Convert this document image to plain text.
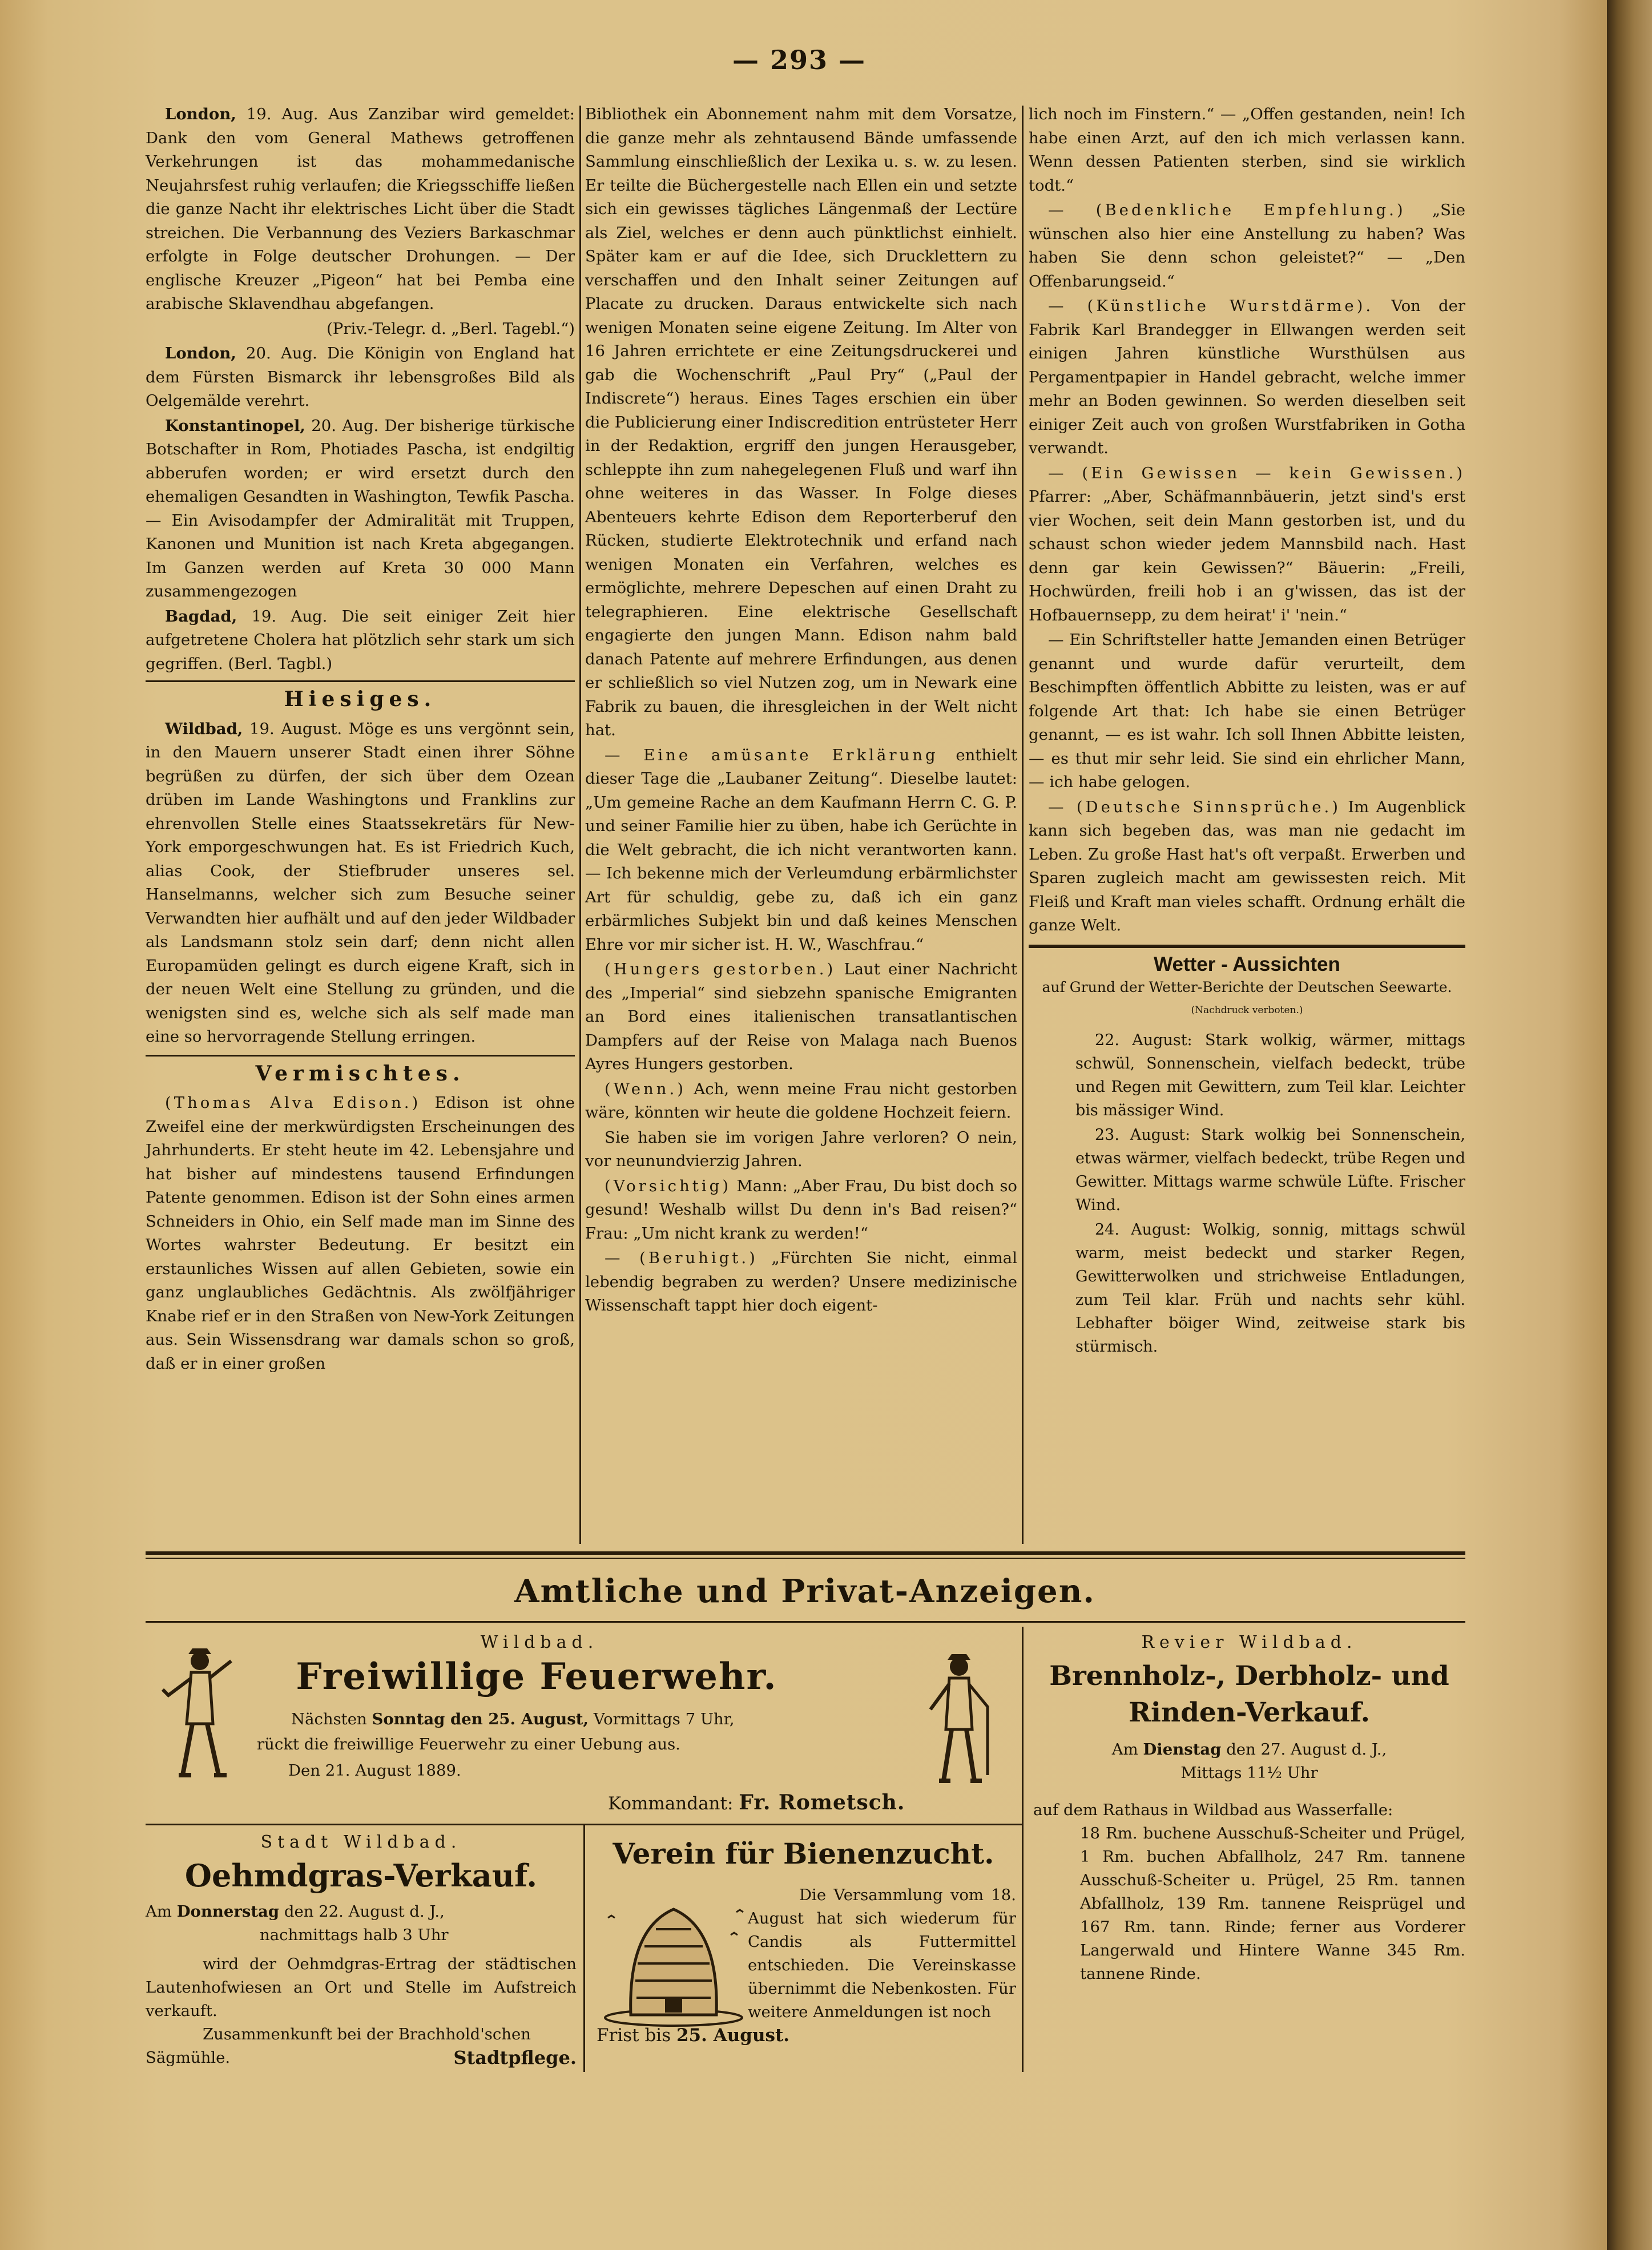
— 293 —

London, 19. Aug. Aus Zanzibar wird gemeldet: Dank den vom General Mathews getroffenen Verkehrungen ist das mohammedanische Neujahrsfest ruhig verlaufen; die Kriegsschiffe ließen die ganze Nacht ihr elektrisches Licht über die Stadt streichen. Die Verbannung des Veziers Barkaschmar erfolgte in Folge deutscher Drohungen. — Der englische Kreuzer „Pigeon“ hat bei Pemba eine arabische Sklavendhau abgefangen.

(Priv.-Telegr. d. „Berl. Tagebl.“)

London, 20. Aug. Die Königin von England hat dem Fürsten Bismarck ihr lebensgroßes Bild als Oelgemälde verehrt.

Konstantinopel, 20. Aug. Der bisherige türkische Botschafter in Rom, Photiades Pascha, ist endgiltig abberufen worden; er wird ersetzt durch den ehemaligen Gesandten in Washington, Tewfik Pascha. — Ein Avisodampfer der Admiralität mit Truppen, Kanonen und Munition ist nach Kreta abgegangen. Im Ganzen werden auf Kreta 30 000 Mann zusammengezogen

Bagdad, 19. Aug. Die seit einiger Zeit hier aufgetretene Cholera hat plötzlich sehr stark um sich gegriffen. (Berl. Tagbl.)

Hiesiges.

Wildbad, 19. August. Möge es uns vergönnt sein, in den Mauern unserer Stadt einen ihrer Söhne begrüßen zu dürfen, der sich über dem Ozean drüben im Lande Washingtons und Franklins zur ehrenvollen Stelle eines Staatssekretärs für New-York emporgeschwungen hat. Es ist Friedrich Kuch, alias Cook, der Stiefbruder unseres sel. Hanselmanns, welcher sich zum Besuche seiner Verwandten hier aufhält und auf den jeder Wildbader als Landsmann stolz sein darf; denn nicht allen Europamüden gelingt es durch eigene Kraft, sich in der neuen Welt eine Stellung zu gründen, und die wenigsten sind es, welche sich als self made man eine so hervorragende Stellung erringen.

Vermischtes.

(Thomas Alva Edison.) Edison ist ohne Zweifel eine der merkwürdigsten Erscheinungen des Jahrhunderts. Er steht heute im 42. Lebensjahre und hat bisher auf mindestens tausend Erfindungen Patente genommen. Edison ist der Sohn eines armen Schneiders in Ohio, ein Self made man im Sinne des Wortes wahrster Bedeutung. Er besitzt ein erstaunliches Wissen auf allen Gebieten, sowie ein ganz unglaubliches Gedächtnis. Als zwölfjähriger Knabe rief er in den Straßen von New-York Zeitungen aus. Sein Wissensdrang war damals schon so groß, daß er in einer großen

Bibliothek ein Abonnement nahm mit dem Vorsatze, die ganze mehr als zehntausend Bände umfassende Sammlung einschließlich der Lexika u. s. w. zu lesen. Er teilte die Büchergestelle nach Ellen ein und setzte sich ein gewisses tägliches Längenmaß der Lectüre als Ziel, welches er denn auch pünktlichst einhielt. Später kam er auf die Idee, sich Drucklettern zu verschaffen und den Inhalt seiner Zeitungen auf Placate zu drucken. Daraus entwickelte sich nach wenigen Monaten seine eigene Zeitung. Im Alter von 16 Jahren errichtete er eine Zeitungsdruckerei und gab die Wochenschrift „Paul Pry“ („Paul der Indiscrete“) heraus. Eines Tages erschien ein über die Publicierung einer Indiscredition entrüsteter Herr in der Redaktion, ergriff den jungen Herausgeber, schleppte ihn zum nahegelegenen Fluß und warf ihn ohne weiteres in das Wasser. In Folge dieses Abenteuers kehrte Edison dem Reporterberuf den Rücken, studierte Elektrotechnik und erfand nach wenigen Monaten ein Verfahren, welches es ermöglichte, mehrere Depeschen auf einen Draht zu telegraphieren. Eine elektrische Gesellschaft engagierte den jungen Mann. Edison nahm bald danach Patente auf mehrere Erfindungen, aus denen er schließlich so viel Nutzen zog, um in Newark eine Fabrik zu bauen, die ihresgleichen in der Welt nicht hat.

— Eine amüsante Erklärung enthielt dieser Tage die „Laubaner Zeitung“. Dieselbe lautet: „Um gemeine Rache an dem Kaufmann Herrn C. G. P. und seiner Familie hier zu üben, habe ich Gerüchte in die Welt gebracht, die ich nicht verantworten kann. — Ich bekenne mich der Verleumdung erbärmlichster Art für schuldig, gebe zu, daß ich ein ganz erbärmliches Subjekt bin und daß keines Menschen Ehre vor mir sicher ist. H. W., Waschfrau.“

(Hungers gestorben.) Laut einer Nachricht des „Imperial“ sind siebzehn spanische Emigranten an Bord eines italienischen transatlantischen Dampfers auf der Reise von Malaga nach Buenos Ayres Hungers gestorben.

(Wenn.) Ach, wenn meine Frau nicht gestorben wäre, könnten wir heute die goldene Hochzeit feiern.

Sie haben sie im vorigen Jahre verloren? O nein, vor neunundvierzig Jahren.

(Vorsichtig) Mann: „Aber Frau, Du bist doch so gesund! Weshalb willst Du denn in's Bad reisen?“ Frau: „Um nicht krank zu werden!“

— (Beruhigt.) „Fürchten Sie nicht, einmal lebendig begraben zu werden? Unsere medizinische Wissenschaft tappt hier doch eigent-

lich noch im Finstern.“ — „Offen gestanden, nein! Ich habe einen Arzt, auf den ich mich verlassen kann. Wenn dessen Patienten sterben, sind sie wirklich todt.“

— (Bedenkliche Empfehlung.) „Sie wünschen also hier eine Anstellung zu haben? Was haben Sie denn schon geleistet?“ — „Den Offenbarungseid.“

— (Künstliche Wurstdärme). Von der Fabrik Karl Brandegger in Ellwangen werden seit einigen Jahren künstliche Wursthülsen aus Pergamentpapier in Handel gebracht, welche immer mehr an Boden gewinnen. So werden dieselben seit einiger Zeit auch von großen Wurstfabriken in Gotha verwandt.

— (Ein Gewissen — kein Gewissen.) Pfarrer: „Aber, Schäfmannbäuerin, jetzt sind's erst vier Wochen, seit dein Mann gestorben ist, und du schaust schon wieder jedem Mannsbild nach. Hast denn gar kein Gewissen?“ Bäuerin: „Freili, Hochwürden, freili hob i an g'wissen, das ist der Hofbauernsepp, zu dem heirat' i' 'nein.“

— Ein Schriftsteller hatte Jemanden einen Betrüger genannt und wurde dafür verurteilt, dem Beschimpften öffentlich Abbitte zu leisten, was er auf folgende Art that: Ich habe sie einen Betrüger genannt, — es ist wahr. Ich soll Ihnen Abbitte leisten, — es thut mir sehr leid. Sie sind ein ehrlicher Mann, — ich habe gelogen.

— (Deutsche Sinnsprüche.) Im Augenblick kann sich begeben das, was man nie gedacht im Leben. Zu große Hast hat's oft verpaßt. Erwerben und Sparen zugleich macht am gewissesten reich. Mit Fleiß und Kraft man vieles schafft. Ordnung erhält die ganze Welt.

Wetter - Aussichten
auf Grund der Wetter-Berichte der Deutschen Seewarte.
(Nachdruck verboten.)

22. August: Stark wolkig, wärmer, mittags schwül, Sonnenschein, vielfach bedeckt, trübe und Regen mit Gewittern, zum Teil klar. Leichter bis mässiger Wind.

23. August: Stark wolkig bei Sonnenschein, etwas wärmer, vielfach bedeckt, trübe Regen und Gewitter. Mittags warme schwüle Lüfte. Frischer Wind.

24. August: Wolkig, sonnig, mittags schwül warm, meist bedeckt und starker Regen, Gewitterwolken und strichweise Entladungen, zum Teil klar. Früh und nachts sehr kühl. Lebhafter böiger Wind, zeitweise stark bis stürmisch.

Amtliche und Privat-Anzeigen.
Wildbad.
Freiwillige Feuerwehr.
Nächsten Sonntag den 25. August, Vormittags 7 Uhr,
rückt die freiwillige Feuerwehr zu einer Uebung aus.
Den 21. August 1889.
Kommandant: Fr. Rometsch.
Revier Wildbad.
Brennholz-, Derbholz- und
Rinden-Verkauf.
Am Dienstag den 27. August d. J.,
Mittags 11½ Uhr
auf dem Rathaus in Wildbad aus Wasserfalle:
18 Rm. buchene Ausschuß-Scheiter und Prügel, 1 Rm. buchen Abfallholz, 247 Rm. tannene Ausschuß-Scheiter u. Prügel, 25 Rm. tannen Abfallholz, 139 Rm. tannene Reisprügel und 167 Rm. tann. Rinde; ferner aus Vorderer Langerwald und Hintere Wanne 345 Rm. tannene Rinde.
Stadt Wildbad.
Oehmdgras-Verkauf.
Am Donnerstag den 22. August d. J.,
nachmittags halb 3 Uhr
wird der Oehmdgras-Ertrag der städtischen Lautenhofwiesen an Ort und Stelle im Aufstreich verkauft.
Zusammenkunft bei der Brachhold'schen Sägmühle.	Stadtpflege.
Verein für Bienenzucht.
Die Versammlung vom 18. August hat sich wiederum für Candis als Futtermittel entschieden. Die Vereinskasse übernimmt die Nebenkosten. Für weitere Anmeldungen ist noch
Frist bis 25. August.
